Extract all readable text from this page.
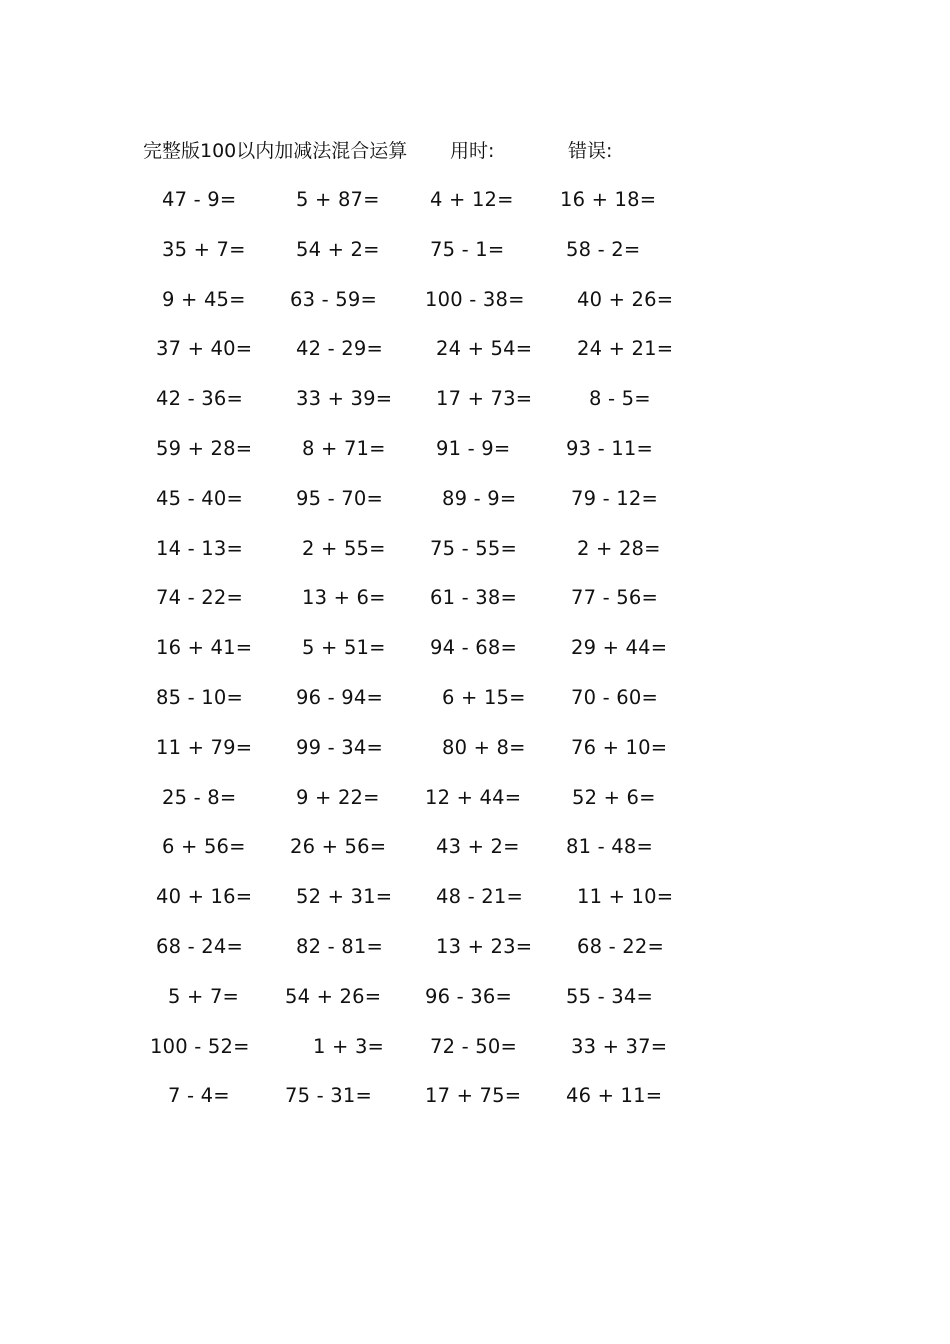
完整版100以内加减法混合运算 用时:	错误:
47 - 9=	5 + 87=	4 + 12=	16 + 18=
35 + 7=	54 + 2=	75 - 1=	58 - 2=
9 + 45=	63 - 59=	100 - 38=	40 + 26=
37 + 40=	42 - 29=	24 + 54=	24 + 21=
42 - 36=	33 + 39=	17 + 73=	8 - 5=
59 + 28=	8 + 71=	91 - 9=	93 - 11=
45 - 40=	95 - 70=	89 - 9=	79 - 12=
14 - 13=	2 + 55=	75 - 55=	2 + 28=
74 - 22=	13 + 6=	61 - 38=	77 - 56=
16 + 41=	5 + 51=	94 - 68=	29 + 44=
85 - 10=	96 - 94=	6 + 15=	70 - 60=
11 + 79=	99 - 34=	80 + 8=	76 + 10=
25 - 8=	9 + 22=	12 + 44=	52 + 6=
6 + 56=	26 + 56=	43 + 2=	81 - 48=
40 + 16=	52 + 31=	48 - 21=	11 + 10=
68 - 24=	82 - 81=	13 + 23=	68 - 22=
5 + 7=	54 + 26=	96 - 36=	55 - 34=
100 - 52=	1 + 3=	72 - 50=	33 + 37=
7 - 4=	75 - 31=	17 + 75=	46 + 11=
